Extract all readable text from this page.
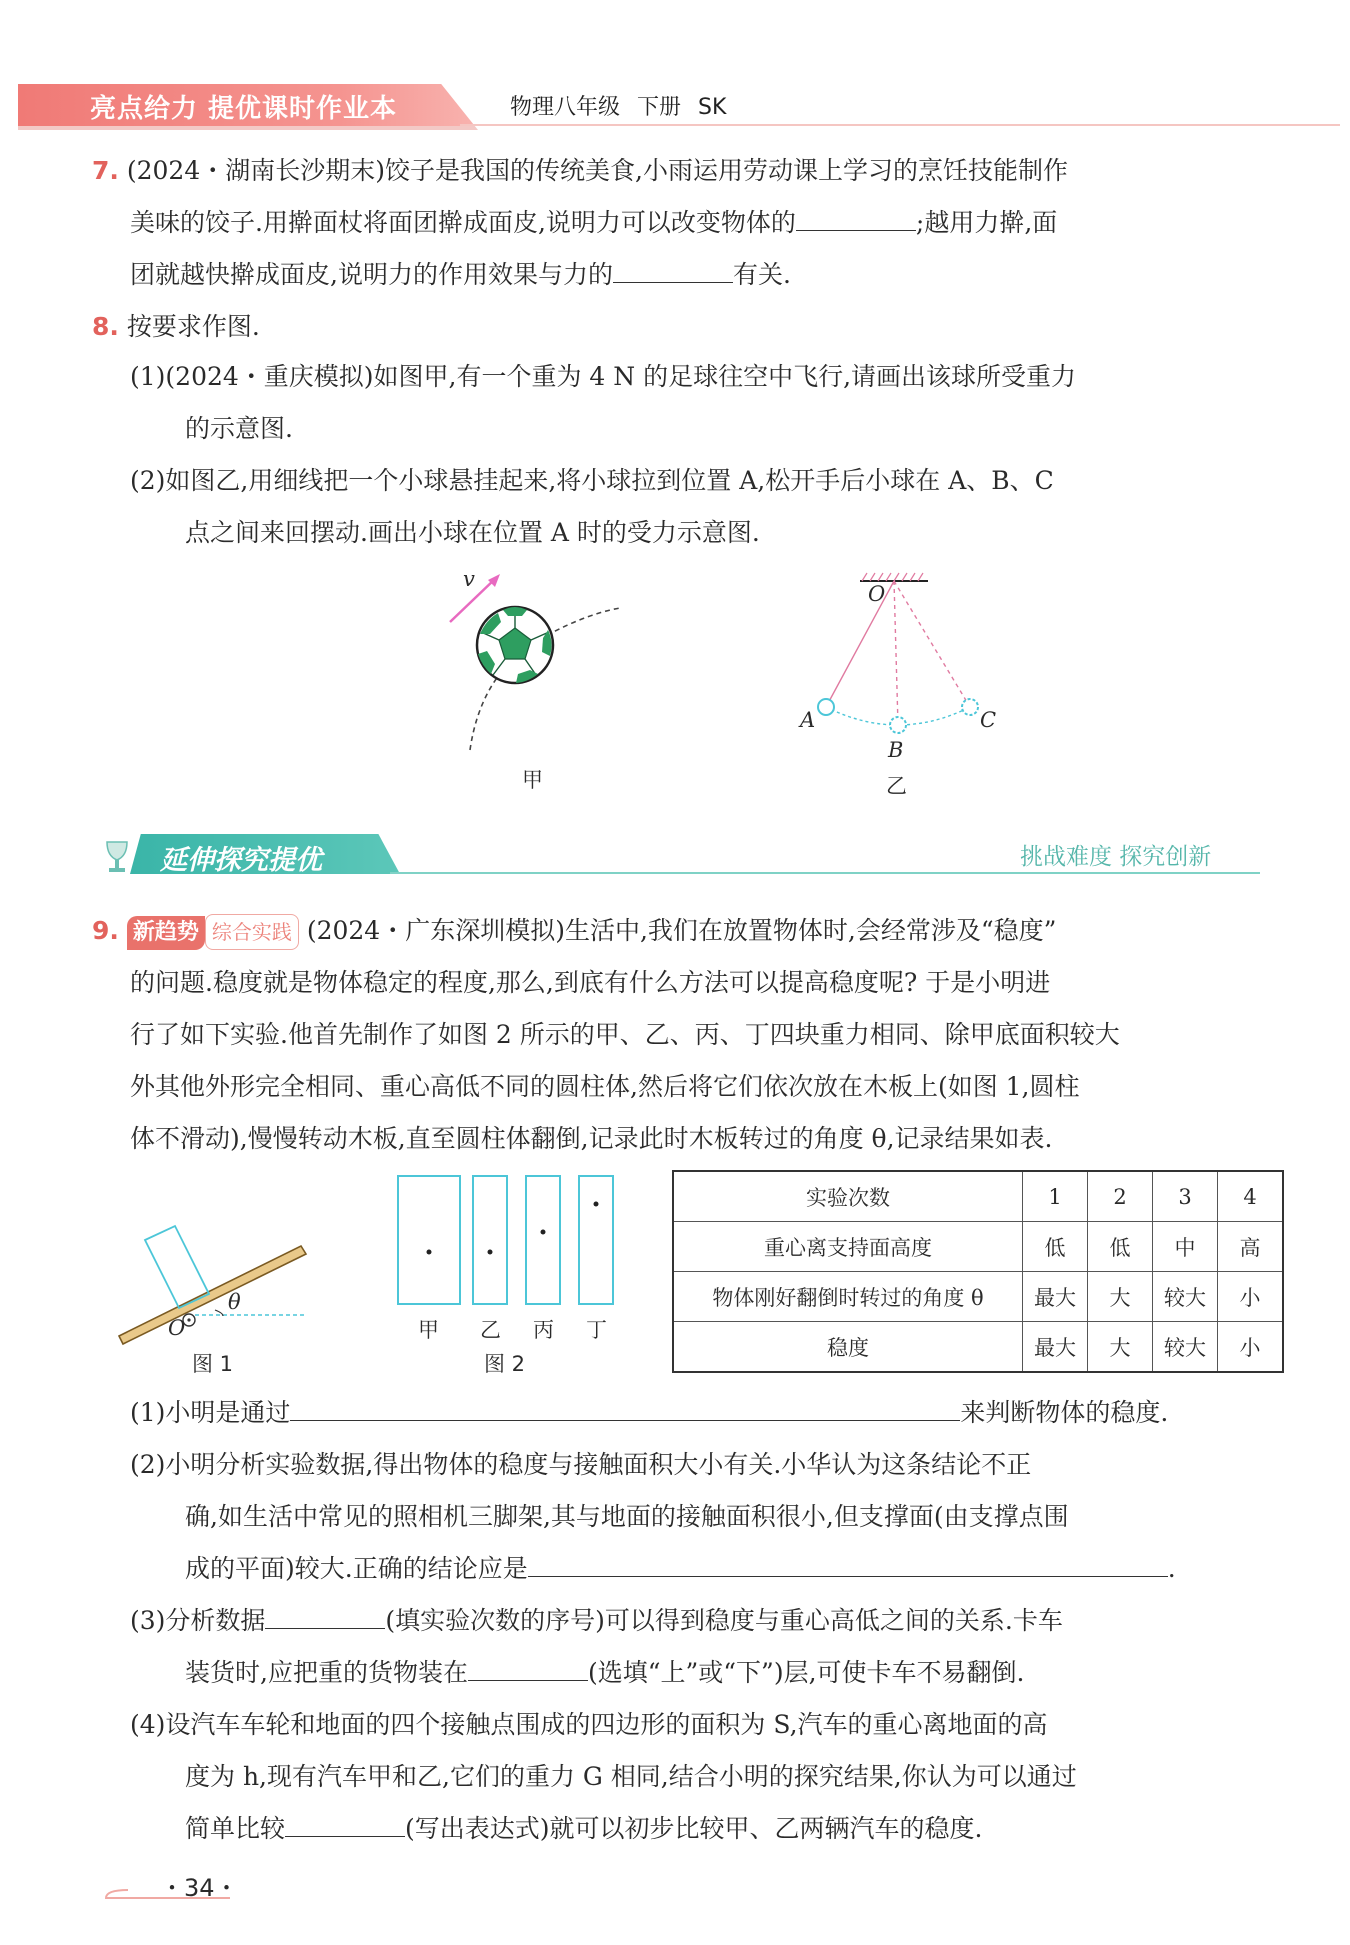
亮点给力 提优课时作业本	物理八年级 下册 SK
7. (2024・湖南长沙期末)饺子是我国的传统美食,小雨运用劳动课上学习的烹饪技能制作
美味的饺子.用擀面杖将面团擀成面皮,说明力可以改变物体的	;越用力擀,面
团就越快擀成面皮,说明力的作用效果与力的	有关.
8. 按要求作图.
(1)(2024・重庆模拟)如图甲,有一个重为 4 N 的足球往空中飞行,请画出该球所受重力
的示意图.
(2)如图乙,用细线把一个小球悬挂起来,将小球拉到位置 A,松开手后小球在 A、B、C
点之间来回摆动.画出小球在位置 A 时的受力示意图.
v
甲
O
A
B
C
乙
延伸探究提优	挑战难度 探究创新
9. 新趋势 综合实践 (2024・广东深圳模拟)生活中,我们在放置物体时,会经常涉及“稳度”
的问题.稳度就是物体稳定的程度,那么,到底有什么方法可以提高稳度呢? 于是小明进
行了如下实验.他首先制作了如图 2 所示的甲、乙、丙、丁四块重力相同、除甲底面积较大
外其他外形完全相同、重心高低不同的圆柱体,然后将它们依次放在木板上(如图 1,圆柱
体不滑动),慢慢转动木板,直至圆柱体翻倒,记录此时木板转过的角度 θ,记录结果如表.
θ
O
图 1
甲 乙 丙 丁
图 2
实验次数	1	2	3	4
重心离支持面高度	低	低	中	高
物体刚好翻倒时转过的角度 θ	最大	大	较大	小
稳度	最大	大	较大	小
(1)小明是通过	来判断物体的稳度.
(2)小明分析实验数据,得出物体的稳度与接触面积大小有关.小华认为这条结论不正
确,如生活中常见的照相机三脚架,其与地面的接触面积很小,但支撑面(由支撑点围
成的平面)较大.正确的结论应是	.
(3)分析数据	(填实验次数的序号)可以得到稳度与重心高低之间的关系.卡车
装货时,应把重的货物装在	(选填“上”或“下”)层,可使卡车不易翻倒.
(4)设汽车车轮和地面的四个接触点围成的四边形的面积为 S,汽车的重心离地面的高
度为 h,现有汽车甲和乙,它们的重力 G 相同,结合小明的探究结果,你认为可以通过
简单比较	(写出表达式)就可以初步比较甲、乙两辆汽车的稳度.
・34・
